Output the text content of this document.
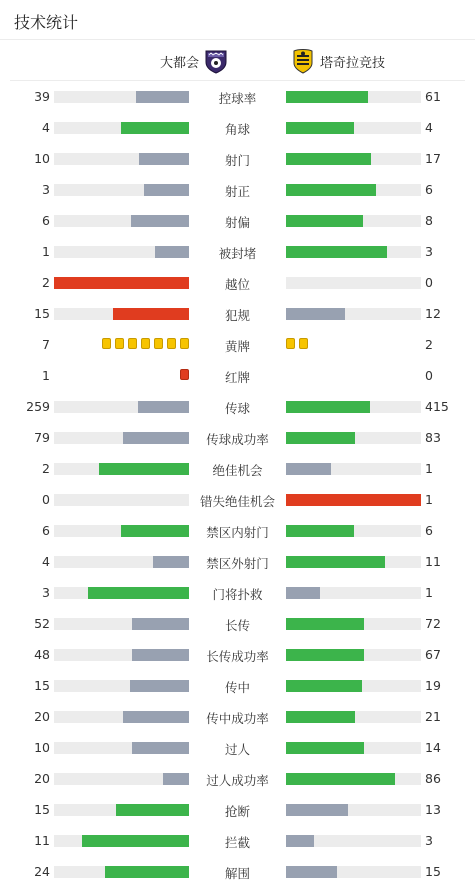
技术统计
大都会	塔奇拉竞技
39	控球率	61
4	角球	4
10	射门	17
3	射正	6
6	射偏	8
1	被封堵	3
2	越位	0
15	犯规	12
7	黄牌	2
1	红牌	0
259	传球	415
79	传球成功率	83
2	绝佳机会	1
0	错失绝佳机会	1
6	禁区内射门	6
4	禁区外射门	11
3	门将扑救	1
52	长传	72
48	长传成功率	67
15	传中	19
20	传中成功率	21
10	过人	14
20	过人成功率	86
15	抢断	13
11	拦截	3
24	解围	15
